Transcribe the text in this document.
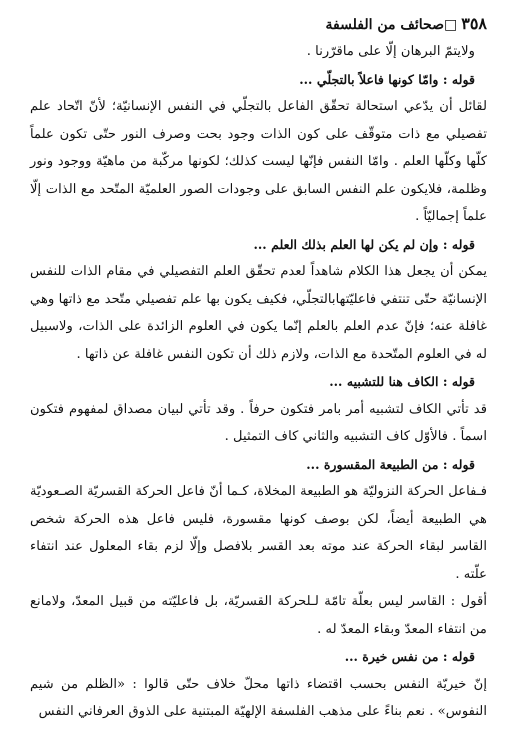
٣٥٨
□
صحائف من الفلسفة

ولايتمّ البرهان إلّا على ماقرّرنا .

قوله : وامّا كونها فاعلاً بالتجلّي ...

لقائل أن يدّعي استحالة تحقّق الفاعل بالتجلّي في النفس الإنسانيّة؛ لأنّ اتّحاد علم تفصيلي مع ذات متوقّف على كون الذات وجود بحت وصرف النور حتّى تكون علماً كلّها وكلّها العلم . وامّا النفس فإنّها ليست كذلك؛ لكونها مركّبة من ماهيّة ووجود ونور وظلمة، فلايكون علم النفس السابق على وجودات الصور العلميّة المتّحد مع الذات إلّا علماً إجماليّاً .

قوله : وإن لم يكن لها العلم بذلك العلم ...

يمكن أن يجعل هذا الكلام شاهداً لعدم تحقّق العلم التفصيلي في مقام الذات للنفس الإنسانيّة حتّى تنتفي فاعليّتهابالتجلّي، فكيف يكون بها علم تفصيلي متّحد مع ذاتها وهي غافلة عنه؛ فإنّ عدم العلم بالعلم إنّما يكون في العلوم الزائدة على الذات، ولاسبيل له في العلوم المتّحدة مع الذات، ولازم ذلك أن تكون النفس غافلة عن ذاتها .

قوله : الكاف هنا للتشبيه ...

قد تأتي الكاف لتشبيه أمر بامر فتكون حرفاً . وقد تأتي لبيان مصداق لمفهوم فتكون اسماً . فالأوّل كاف التشبيه والثاني كاف التمثيل .

قوله : من الطبيعة المقسورة ...

فـفاعل الحركة النزوليّة هو الطبيعة المخلاة، كـما أنّ فاعل الحركة القسريّة الصـعوديّة هي الطبيعة أيضاً، لكن بوصف كونها مقسورة، فليس فاعل هذه الحركة شخص القاسر لبقاء الحركة عند موته بعد القسر بلافصل وإلّا لزم بقاء المعلول عند انتفاء علّته .

أقول : القاسر ليس بعلّة تامّة لـلحركة القسريّة، بل فاعليّته من قبيل المعدّ، ولامانع من انتفاء المعدّ وبقاء المعدّ له .

قوله : من نفس خيرة ...

إنّ خيريّة النفس بحسب اقتضاء ذاتها محلّ خلاف حتّى قالوا : «الظلم من شيم النفوس» . نعم بناءً على مذهب الفلسفة الإلهيّة المبتنية على الذوق العرفاني النفس
